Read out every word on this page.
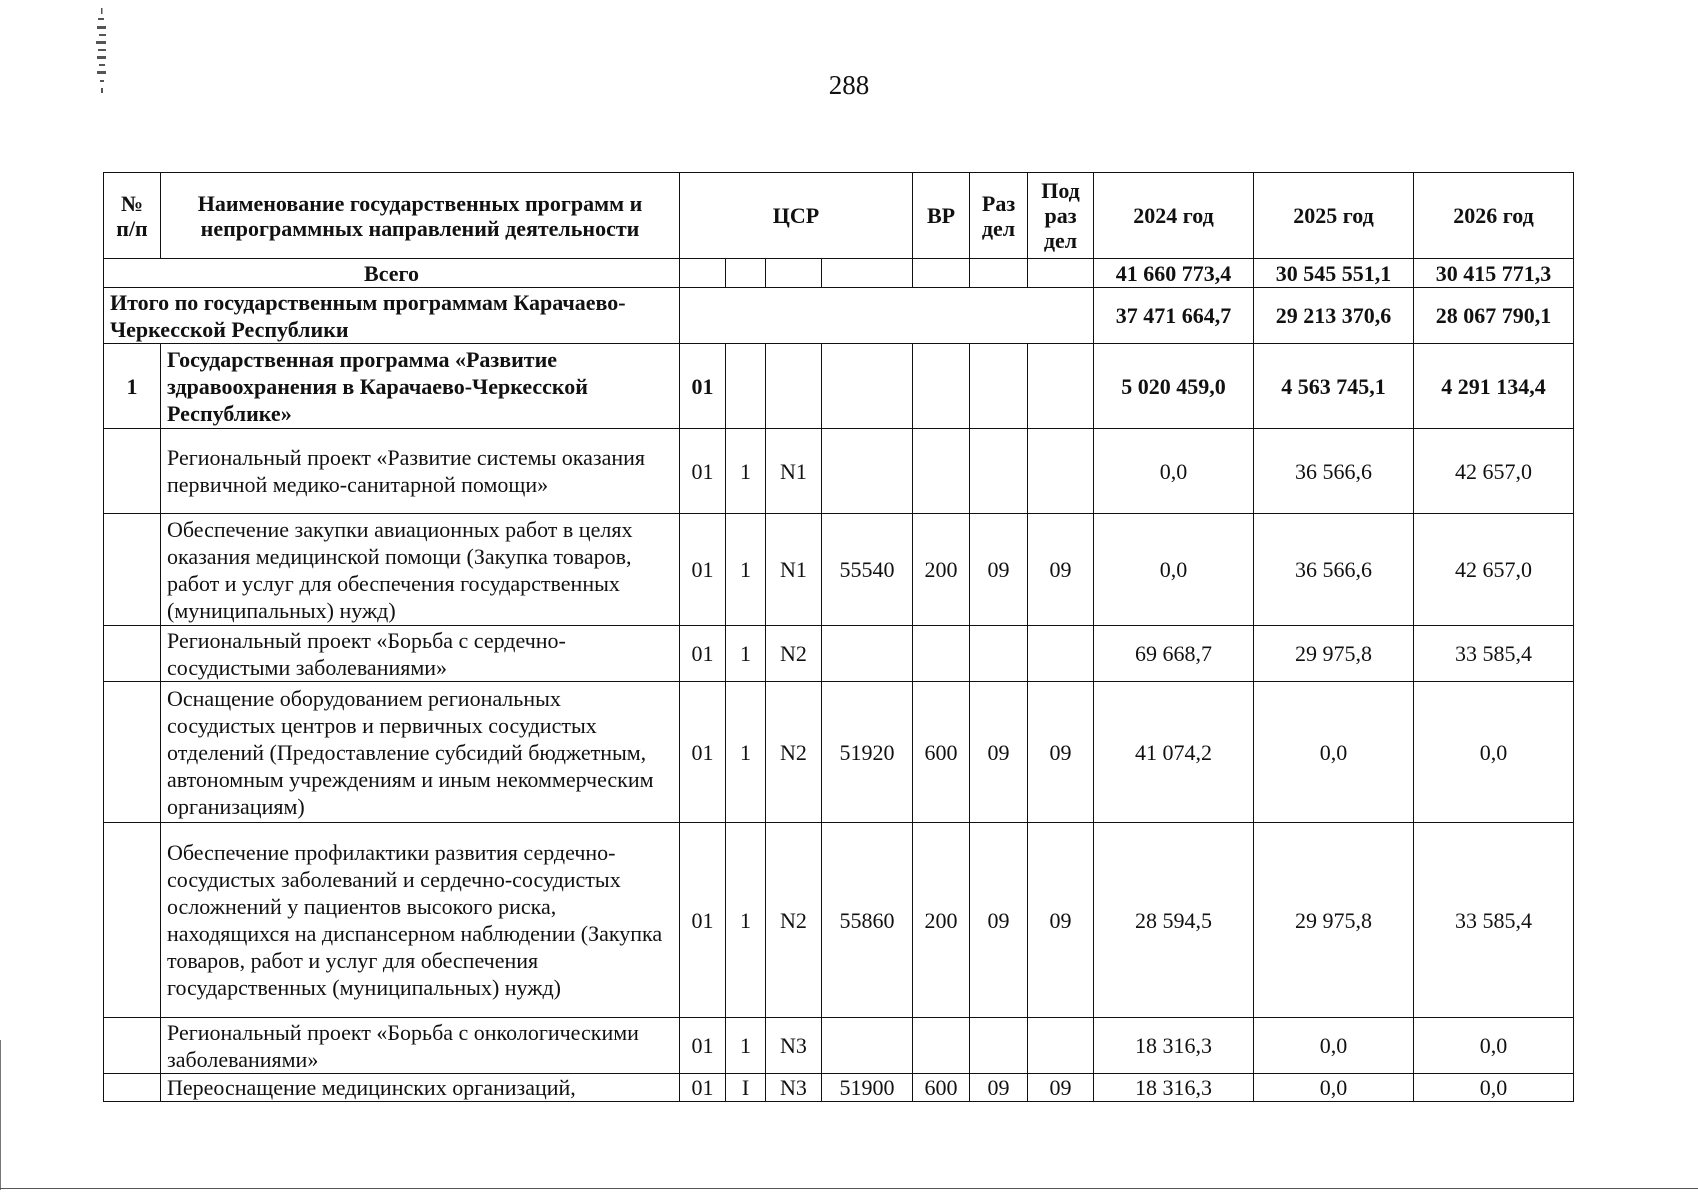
288
№ п/п	Наименование государственных программ и непрограммных направлений деятельности	ЦСР				ВР	Раз дел	Под раз дел	2024 год	2025 год	2026 год
Всего									41 660 773,4	30 545 551,1	30 415 771,3
Итого по государственным программам Карачаево-Черкесской Республики									37 471 664,7	29 213 370,6	28 067 790,1
1	Государственная программа «Развитие здравоохранения в Карачаево-Черкесской Республике»	01							5 020 459,0	4 563 745,1	4 291 134,4
	Региональный проект «Развитие системы оказания первичной медико-санитарной помощи»	01	1	N1					0,0	36 566,6	42 657,0
	Обеспечение закупки авиационных работ в целях оказания медицинской помощи (Закупка товаров, работ и услуг для обеспечения государственных (муниципальных) нужд)	01	1	N1	55540	200	09	09	0,0	36 566,6	42 657,0
	Региональный проект «Борьба с сердечно-сосудистыми заболеваниями»	01	1	N2					69 668,7	29 975,8	33 585,4
	Оснащение оборудованием региональных сосудистых центров и первичных сосудистых отделений (Предоставление субсидий бюджетным, автономным учреждениям и иным некоммерческим организациям)	01	1	N2	51920	600	09	09	41 074,2	0,0	0,0
	Обеспечение профилактики развития сердечно-сосудистых заболеваний и сердечно-сосудистых осложнений у пациентов высокого риска, находящихся на диспансерном наблюдении (Закупка товаров, работ и услуг для обеспечения государственных (муниципальных) нужд)	01	1	N2	55860	200	09	09	28 594,5	29 975,8	33 585,4
	Региональный проект «Борьба с онкологическими заболеваниями»	01	1	N3					18 316,3	0,0	0,0
	Переоснащение медицинских организаций,	01	I	N3	51900	600	09	09	18 316,3	0,0	0,0
